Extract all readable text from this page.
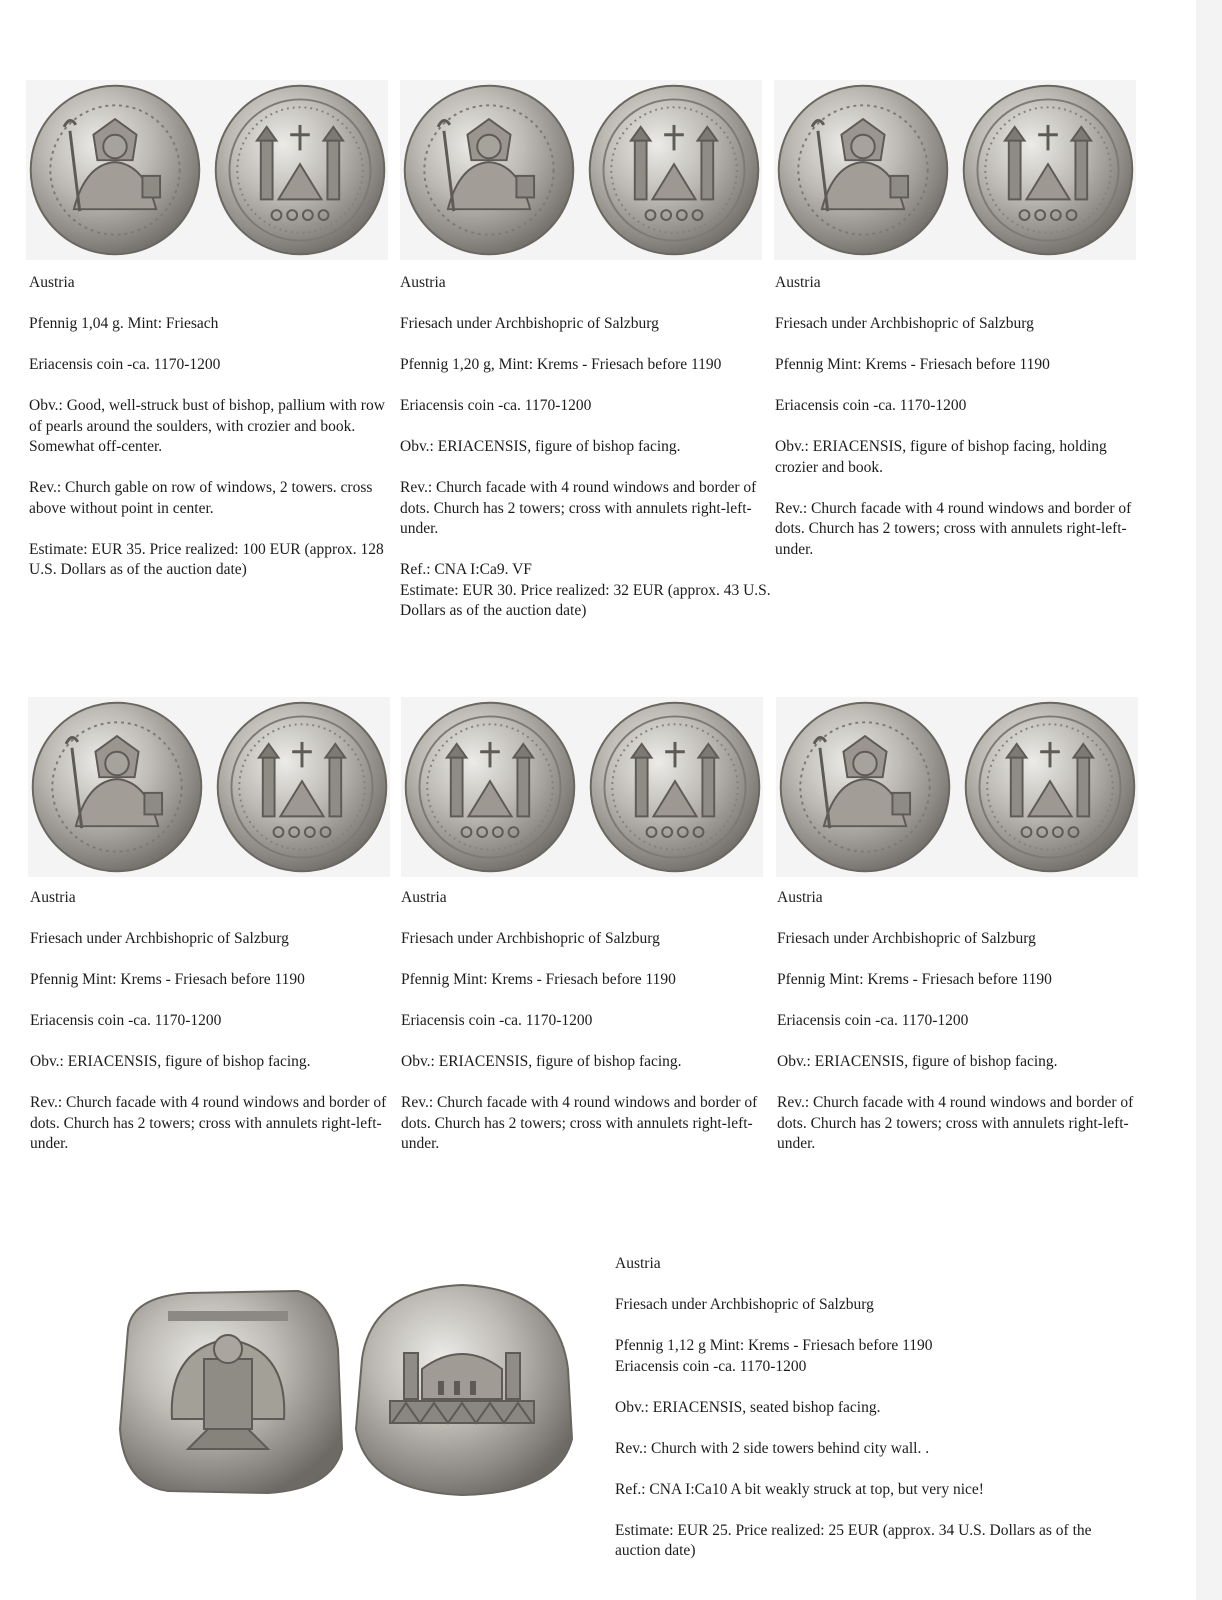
Austria

Pfennig 1,04 g. Mint: Friesach

Eriacensis coin -ca. 1170-1200

Obv.: Good, well-struck bust of bishop, pallium with row of pearls around the soulders, with crozier and book. Somewhat off-center.

Rev.: Church gable on row of windows, 2 towers. cross above without point in center.

Estimate: EUR 35. Price realized: 100 EUR (approx. 128 U.S. Dollars as of the auction date)

Austria

Friesach under Archbishopric of Salzburg

Pfennig 1,20 g, Mint: Krems - Friesach before 1190

Eriacensis coin -ca. 1170-1200

Obv.: ERIACENSIS, figure of bishop facing.

Rev.: Church facade with 4 round windows and border of dots. Church has 2 towers; cross with annulets right-left-under.

Ref.: CNA I:Ca9. VF

Estimate: EUR 30. Price realized: 32 EUR (approx. 43 U.S. Dollars as of the auction date)

Austria

Friesach under Archbishopric of Salzburg

Pfennig Mint: Krems - Friesach before 1190

Eriacensis coin -ca. 1170-1200

Obv.: ERIACENSIS, figure of bishop facing, holding crozier and book.

Rev.: Church facade with 4 round windows and border of dots. Church has 2 towers; cross with annulets right-left-under.

Austria

Friesach under Archbishopric of Salzburg

Pfennig Mint: Krems - Friesach before 1190

Eriacensis coin -ca. 1170-1200

Obv.: ERIACENSIS, figure of bishop facing.

Rev.: Church facade with 4 round windows and border of dots. Church has 2 towers; cross with annulets right-left-under.

Austria

Friesach under Archbishopric of Salzburg

Pfennig Mint: Krems - Friesach before 1190

Eriacensis coin -ca. 1170-1200

Obv.: ERIACENSIS, figure of bishop facing.

Rev.: Church facade with 4 round windows and border of dots. Church has 2 towers; cross with annulets right-left-under.

Austria

Friesach under Archbishopric of Salzburg

Pfennig Mint: Krems - Friesach before 1190

Eriacensis coin -ca. 1170-1200

Obv.: ERIACENSIS, figure of bishop facing.

Rev.: Church facade with 4 round windows and border of dots. Church has 2 towers; cross with annulets right-left-under.

Austria

Friesach under Archbishopric of Salzburg

Pfennig 1,12 g Mint: Krems - Friesach before 1190

Eriacensis coin -ca. 1170-1200

Obv.: ERIACENSIS, seated bishop facing.

Rev.: Church with 2 side towers behind city wall. .

Ref.: CNA I:Ca10 A bit weakly struck at top, but very nice!

Estimate: EUR 25. Price realized: 25 EUR (approx. 34 U.S. Dollars as of the auction date)
